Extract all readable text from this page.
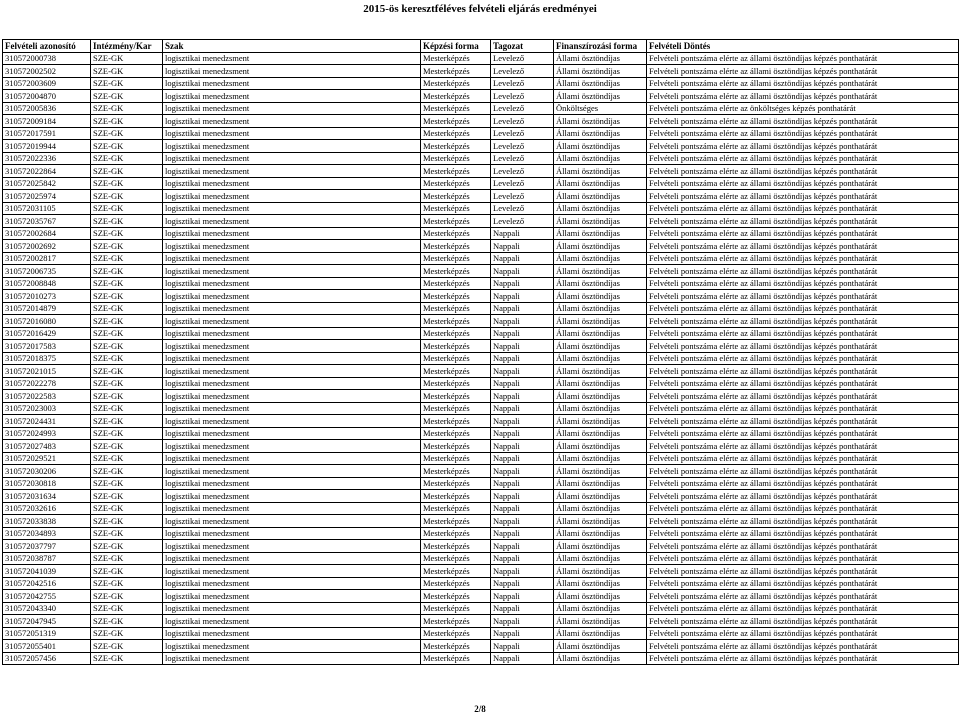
2015-ös keresztféléves felvételi eljárás eredményei
Felvételi azonosító	Intézmény/Kar	Szak	Képzési forma	Tagozat	Finanszírozási forma	Felvételi Döntés
310572000738	SZE-GK	logisztikai menedzsment	Mesterképzés	Levelező	Állami ösztöndíjas	Felvételi pontszáma elérte az állami ösztöndíjas képzés ponthatárát
310572002502	SZE-GK	logisztikai menedzsment	Mesterképzés	Levelező	Állami ösztöndíjas	Felvételi pontszáma elérte az állami ösztöndíjas képzés ponthatárát
310572003609	SZE-GK	logisztikai menedzsment	Mesterképzés	Levelező	Állami ösztöndíjas	Felvételi pontszáma elérte az állami ösztöndíjas képzés ponthatárát
310572004870	SZE-GK	logisztikai menedzsment	Mesterképzés	Levelező	Állami ösztöndíjas	Felvételi pontszáma elérte az állami ösztöndíjas képzés ponthatárát
310572005836	SZE-GK	logisztikai menedzsment	Mesterképzés	Levelező	Önköltséges	Felvételi pontszáma elérte az önköltséges képzés ponthatárát
310572009184	SZE-GK	logisztikai menedzsment	Mesterképzés	Levelező	Állami ösztöndíjas	Felvételi pontszáma elérte az állami ösztöndíjas képzés ponthatárát
310572017591	SZE-GK	logisztikai menedzsment	Mesterképzés	Levelező	Állami ösztöndíjas	Felvételi pontszáma elérte az állami ösztöndíjas képzés ponthatárát
310572019944	SZE-GK	logisztikai menedzsment	Mesterképzés	Levelező	Állami ösztöndíjas	Felvételi pontszáma elérte az állami ösztöndíjas képzés ponthatárát
310572022336	SZE-GK	logisztikai menedzsment	Mesterképzés	Levelező	Állami ösztöndíjas	Felvételi pontszáma elérte az állami ösztöndíjas képzés ponthatárát
310572022864	SZE-GK	logisztikai menedzsment	Mesterképzés	Levelező	Állami ösztöndíjas	Felvételi pontszáma elérte az állami ösztöndíjas képzés ponthatárát
310572025842	SZE-GK	logisztikai menedzsment	Mesterképzés	Levelező	Állami ösztöndíjas	Felvételi pontszáma elérte az állami ösztöndíjas képzés ponthatárát
310572025974	SZE-GK	logisztikai menedzsment	Mesterképzés	Levelező	Állami ösztöndíjas	Felvételi pontszáma elérte az állami ösztöndíjas képzés ponthatárát
310572031105	SZE-GK	logisztikai menedzsment	Mesterképzés	Levelező	Állami ösztöndíjas	Felvételi pontszáma elérte az állami ösztöndíjas képzés ponthatárát
310572035767	SZE-GK	logisztikai menedzsment	Mesterképzés	Levelező	Állami ösztöndíjas	Felvételi pontszáma elérte az állami ösztöndíjas képzés ponthatárát
310572002684	SZE-GK	logisztikai menedzsment	Mesterképzés	Nappali	Állami ösztöndíjas	Felvételi pontszáma elérte az állami ösztöndíjas képzés ponthatárát
310572002692	SZE-GK	logisztikai menedzsment	Mesterképzés	Nappali	Állami ösztöndíjas	Felvételi pontszáma elérte az állami ösztöndíjas képzés ponthatárát
310572002817	SZE-GK	logisztikai menedzsment	Mesterképzés	Nappali	Állami ösztöndíjas	Felvételi pontszáma elérte az állami ösztöndíjas képzés ponthatárát
310572006735	SZE-GK	logisztikai menedzsment	Mesterképzés	Nappali	Állami ösztöndíjas	Felvételi pontszáma elérte az állami ösztöndíjas képzés ponthatárát
310572008848	SZE-GK	logisztikai menedzsment	Mesterképzés	Nappali	Állami ösztöndíjas	Felvételi pontszáma elérte az állami ösztöndíjas képzés ponthatárát
310572010273	SZE-GK	logisztikai menedzsment	Mesterképzés	Nappali	Állami ösztöndíjas	Felvételi pontszáma elérte az állami ösztöndíjas képzés ponthatárát
310572014879	SZE-GK	logisztikai menedzsment	Mesterképzés	Nappali	Állami ösztöndíjas	Felvételi pontszáma elérte az állami ösztöndíjas képzés ponthatárát
310572016080	SZE-GK	logisztikai menedzsment	Mesterképzés	Nappali	Állami ösztöndíjas	Felvételi pontszáma elérte az állami ösztöndíjas képzés ponthatárát
310572016429	SZE-GK	logisztikai menedzsment	Mesterképzés	Nappali	Állami ösztöndíjas	Felvételi pontszáma elérte az állami ösztöndíjas képzés ponthatárát
310572017583	SZE-GK	logisztikai menedzsment	Mesterképzés	Nappali	Állami ösztöndíjas	Felvételi pontszáma elérte az állami ösztöndíjas képzés ponthatárát
310572018375	SZE-GK	logisztikai menedzsment	Mesterképzés	Nappali	Állami ösztöndíjas	Felvételi pontszáma elérte az állami ösztöndíjas képzés ponthatárát
310572021015	SZE-GK	logisztikai menedzsment	Mesterképzés	Nappali	Állami ösztöndíjas	Felvételi pontszáma elérte az állami ösztöndíjas képzés ponthatárát
310572022278	SZE-GK	logisztikai menedzsment	Mesterképzés	Nappali	Állami ösztöndíjas	Felvételi pontszáma elérte az állami ösztöndíjas képzés ponthatárát
310572022583	SZE-GK	logisztikai menedzsment	Mesterképzés	Nappali	Állami ösztöndíjas	Felvételi pontszáma elérte az állami ösztöndíjas képzés ponthatárát
310572023003	SZE-GK	logisztikai menedzsment	Mesterképzés	Nappali	Állami ösztöndíjas	Felvételi pontszáma elérte az állami ösztöndíjas képzés ponthatárát
310572024431	SZE-GK	logisztikai menedzsment	Mesterképzés	Nappali	Állami ösztöndíjas	Felvételi pontszáma elérte az állami ösztöndíjas képzés ponthatárát
310572024993	SZE-GK	logisztikai menedzsment	Mesterképzés	Nappali	Állami ösztöndíjas	Felvételi pontszáma elérte az állami ösztöndíjas képzés ponthatárát
310572027483	SZE-GK	logisztikai menedzsment	Mesterképzés	Nappali	Állami ösztöndíjas	Felvételi pontszáma elérte az állami ösztöndíjas képzés ponthatárát
310572029521	SZE-GK	logisztikai menedzsment	Mesterképzés	Nappali	Állami ösztöndíjas	Felvételi pontszáma elérte az állami ösztöndíjas képzés ponthatárát
310572030206	SZE-GK	logisztikai menedzsment	Mesterképzés	Nappali	Állami ösztöndíjas	Felvételi pontszáma elérte az állami ösztöndíjas képzés ponthatárát
310572030818	SZE-GK	logisztikai menedzsment	Mesterképzés	Nappali	Állami ösztöndíjas	Felvételi pontszáma elérte az állami ösztöndíjas képzés ponthatárát
310572031634	SZE-GK	logisztikai menedzsment	Mesterképzés	Nappali	Állami ösztöndíjas	Felvételi pontszáma elérte az állami ösztöndíjas képzés ponthatárát
310572032616	SZE-GK	logisztikai menedzsment	Mesterképzés	Nappali	Állami ösztöndíjas	Felvételi pontszáma elérte az állami ösztöndíjas képzés ponthatárát
310572033838	SZE-GK	logisztikai menedzsment	Mesterképzés	Nappali	Állami ösztöndíjas	Felvételi pontszáma elérte az állami ösztöndíjas képzés ponthatárát
310572034893	SZE-GK	logisztikai menedzsment	Mesterképzés	Nappali	Állami ösztöndíjas	Felvételi pontszáma elérte az állami ösztöndíjas képzés ponthatárát
310572037797	SZE-GK	logisztikai menedzsment	Mesterképzés	Nappali	Állami ösztöndíjas	Felvételi pontszáma elérte az állami ösztöndíjas képzés ponthatárát
310572038787	SZE-GK	logisztikai menedzsment	Mesterképzés	Nappali	Állami ösztöndíjas	Felvételi pontszáma elérte az állami ösztöndíjas képzés ponthatárát
310572041039	SZE-GK	logisztikai menedzsment	Mesterképzés	Nappali	Állami ösztöndíjas	Felvételi pontszáma elérte az állami ösztöndíjas képzés ponthatárát
310572042516	SZE-GK	logisztikai menedzsment	Mesterképzés	Nappali	Állami ösztöndíjas	Felvételi pontszáma elérte az állami ösztöndíjas képzés ponthatárát
310572042755	SZE-GK	logisztikai menedzsment	Mesterképzés	Nappali	Állami ösztöndíjas	Felvételi pontszáma elérte az állami ösztöndíjas képzés ponthatárát
310572043340	SZE-GK	logisztikai menedzsment	Mesterképzés	Nappali	Állami ösztöndíjas	Felvételi pontszáma elérte az állami ösztöndíjas képzés ponthatárát
310572047945	SZE-GK	logisztikai menedzsment	Mesterképzés	Nappali	Állami ösztöndíjas	Felvételi pontszáma elérte az állami ösztöndíjas képzés ponthatárát
310572051319	SZE-GK	logisztikai menedzsment	Mesterképzés	Nappali	Állami ösztöndíjas	Felvételi pontszáma elérte az állami ösztöndíjas képzés ponthatárát
310572055401	SZE-GK	logisztikai menedzsment	Mesterképzés	Nappali	Állami ösztöndíjas	Felvételi pontszáma elérte az állami ösztöndíjas képzés ponthatárát
310572057456	SZE-GK	logisztikai menedzsment	Mesterképzés	Nappali	Állami ösztöndíjas	Felvételi pontszáma elérte az állami ösztöndíjas képzés ponthatárát
2/8
